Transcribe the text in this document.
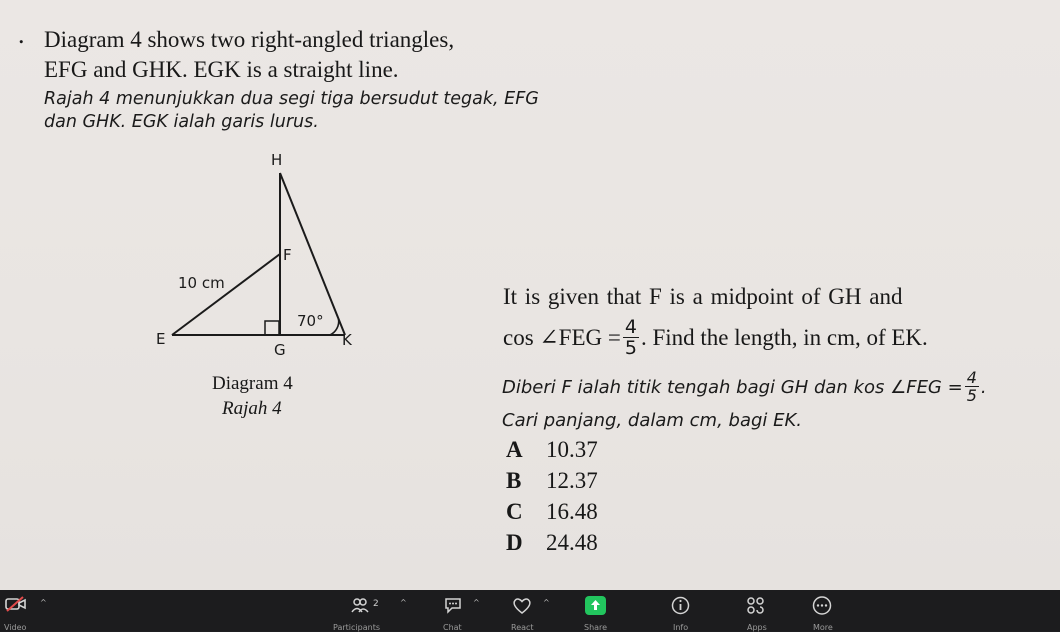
. Diagram 4 shows two right-angled triangles,
EFG and GHK. EGK is a straight line.
Rajah 4 menunjukkan dua segi tiga bersudut tegak, EFG
dan GHK. EGK ialah garis lurus.
H
F
10 cm
70°
E
G
K
Diagram 4
Rajah 4
It is given that F is a midpoint of GH and
cos ∠FEG = $\frac{4}{5}$ . Find the length, in cm, of EK.
Diberi F ialah titik tengah bagi GH dan kos ∠FEG = $\frac{4}{5}$ .
Cari panjang, dalam cm, bagi EK.
A 10.37
B 12.37
C 16.48
D 24.48
^
Video
2	^
Participants
^
Chat
^
React	Share	Info	Apps	More
